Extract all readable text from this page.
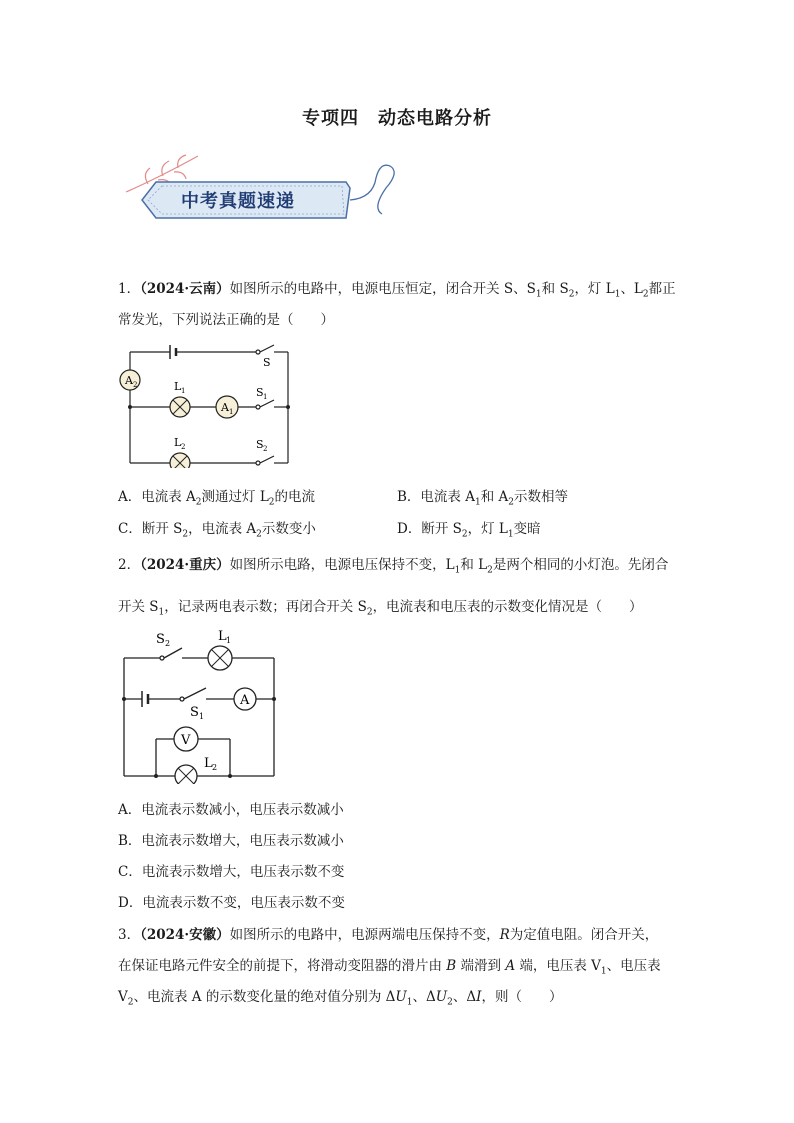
专项四　动态电路分析
中考真题速递
1．（2024·云南）如图所示的电路中，电源电压恒定，闭合开关 S、$S_1$和 $S_2$，灯 $L_1$、$L_2$都正
常发光，下列说法正确的是（　　）
A 2	L 1
A 1
S
S 1
S 2
L 2
A．电流表 $A_2$测通过灯 $L_2$的电流	B．电流表 $A_1$和 $A_2$示数相等
C．断开 $S_2$，电流表 $A_2$示数变小	D．断开 $S_2$，灯 $L_1$变暗
2．（2024·重庆）如图所示电路，电源电压保持不变，$L_1$和 $L_2$是两个相同的小灯泡。先闭合
开关 $S_1$，记录两电表示数；再闭合开关 $S_2$，电流表和电压表的示数变化情况是（　　）
L 1
S 2
A
S 1
V
L 2
A．电流表示数减小，电压表示数减小
B．电流表示数增大，电压表示数减小
C．电流表示数增大，电压表示数不变
D．电流表示数不变，电压表示数不变
3．（2024·安徽）如图所示的电路中，电源两端电压保持不变，R为定值电阻。闭合开关，
在保证电路元件安全的前提下，将滑动变阻器的滑片由 B 端滑到 A 端，电压表 $V_1$、电压表
$V_2$、电流表 A 的示数变化量的绝对值分别为 $\Delta U_1$、$\Delta U_2$、ΔI，则（　　）
